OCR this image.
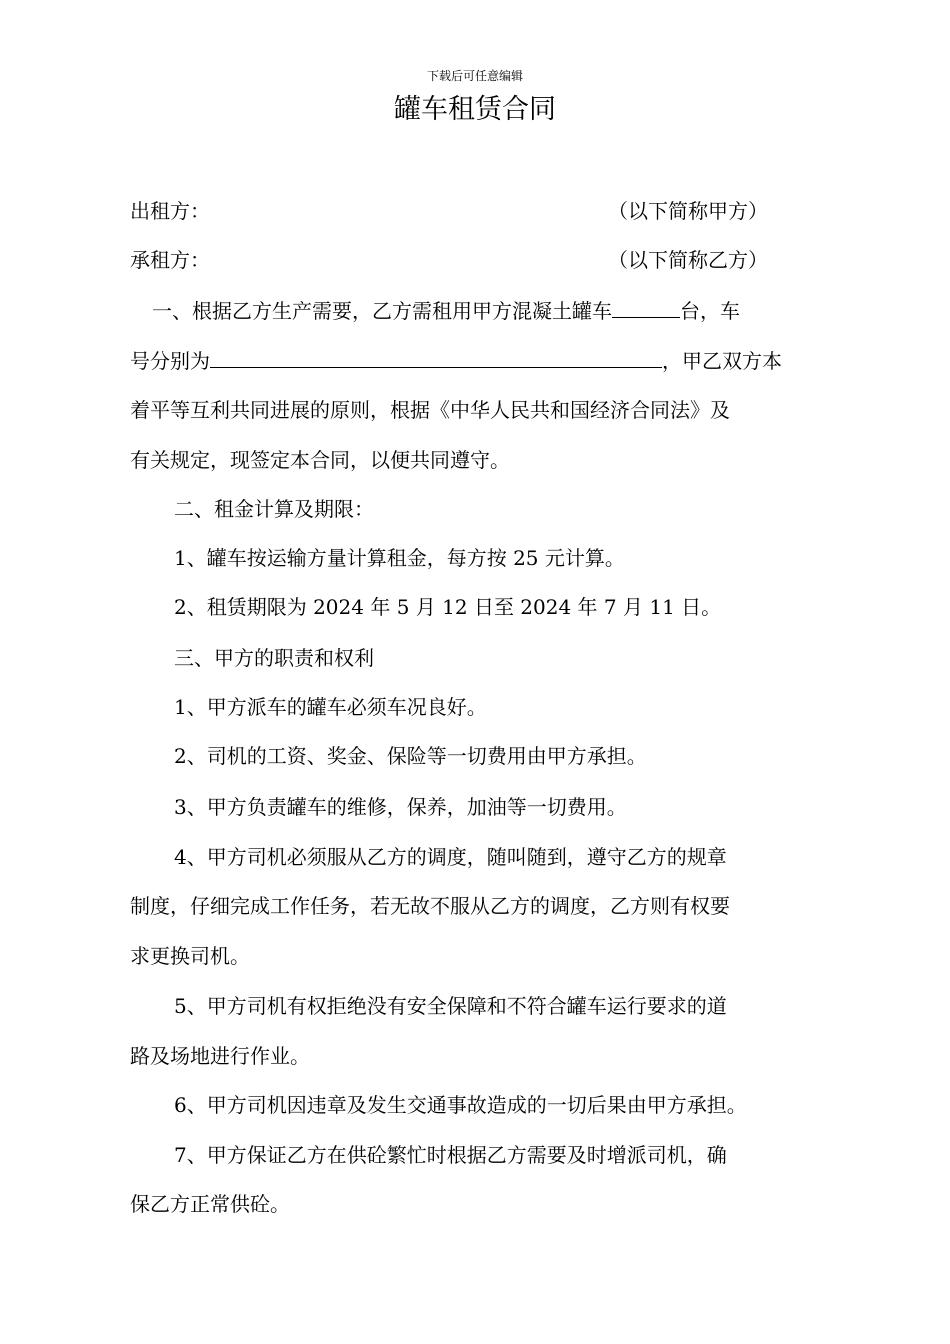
下载后可任意编辑
罐车租赁合同
出租方：	（以下简称甲方）
承租方：	（以下简称乙方）
一、根据乙方生产需要，乙方需租用甲方混凝土罐车	台，车
号分别为	，甲乙双方本
着平等互利共同进展的原则，根据《中华人民共和国经济合同法》及
有关规定，现签定本合同，以便共同遵守。
二、租金计算及期限：
1、罐车按运输方量计算租金，每方按 25 元计算。
2、租赁期限为 2024 年 5 月 12 日至 2024 年 7 月 11 日。
三、甲方的职责和权利
1、甲方派车的罐车必须车况良好。
2、司机的工资、奖金、保险等一切费用由甲方承担。
3、甲方负责罐车的维修，保养，加油等一切费用。
4、甲方司机必须服从乙方的调度，随叫随到，遵守乙方的规章
制度，仔细完成工作任务，若无故不服从乙方的调度，乙方则有权要
求更换司机。
5、甲方司机有权拒绝没有安全保障和不符合罐车运行要求的道
路及场地进行作业。
6、甲方司机因违章及发生交通事故造成的一切后果由甲方承担。
7、甲方保证乙方在供砼繁忙时根据乙方需要及时增派司机，确
保乙方正常供砼。
